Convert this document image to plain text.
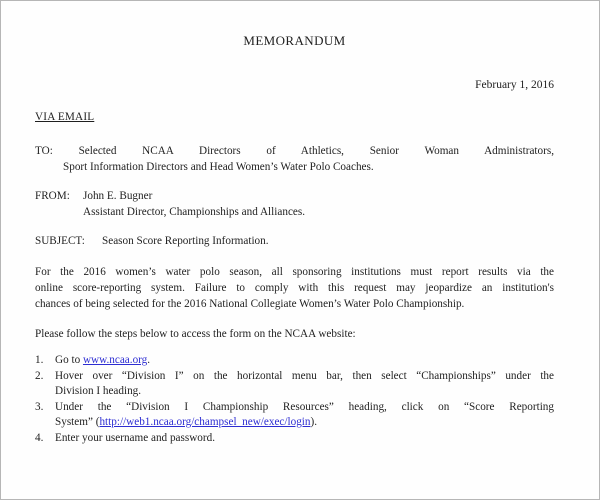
MEMORANDUM
February 1, 2016
VIA EMAIL
TO: Selected NCAA Directors of Athletics, Senior Woman Administrators,
Sport Information Directors and Head Women’s Water Polo Coaches.
FROM: John E. Bugner
Assistant Director, Championships and Alliances.
SUBJECT: Season Score Reporting Information.
For the 2016 women’s water polo season, all sponsoring institutions must report results via the
online score-reporting system. Failure to comply with this request may jeopardize an institution's
chances of being selected for the 2016 National Collegiate Women’s Water Polo Championship.
Please follow the steps below to access the form on the NCAA website:
1.	Go to www.ncaa.org.
2.	Hover over “Division I” on the horizontal menu bar, then select “Championships” under the
Division I heading.
3.	Under the “Division I Championship Resources” heading, click on “Score Reporting
System” (http://web1.ncaa.org/champsel_new/exec/login).
4.	Enter your username and password.
